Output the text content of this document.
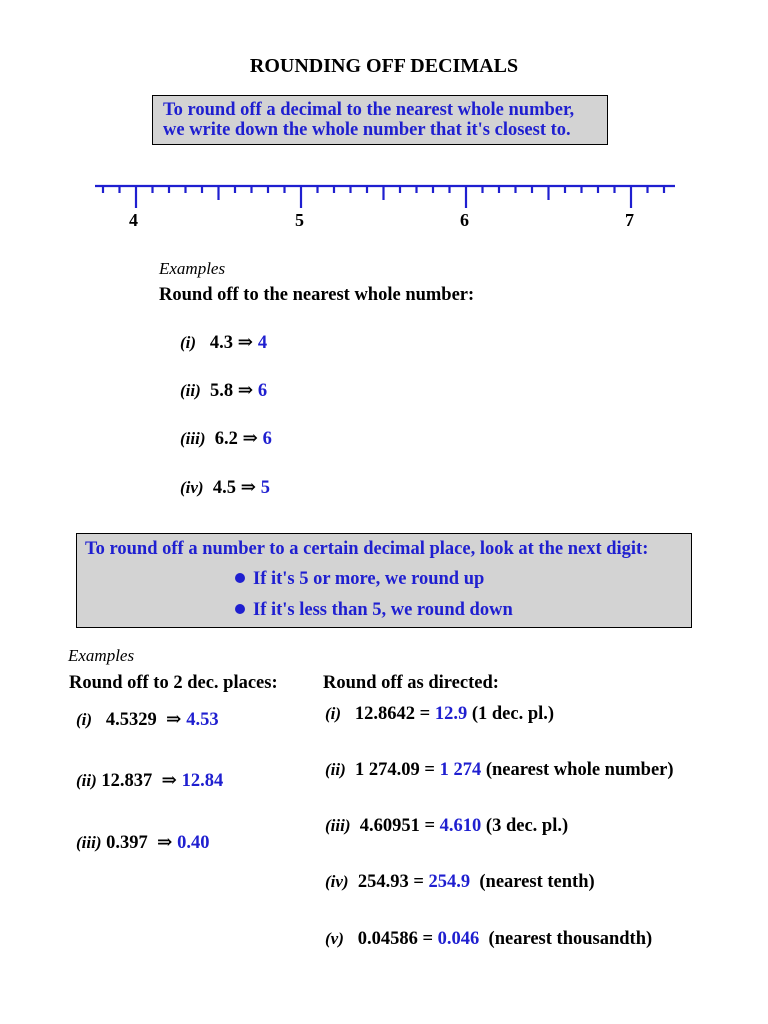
ROUNDING OFF DECIMALS
To round off a decimal to the nearest whole number,
we write down the whole number that it's closest to.
4	5	6	7
Examples
Round off to the nearest whole number:
(i) 4.3 ⇒ 4
(ii) 5.8 ⇒ 6
(iii) 6.2 ⇒ 6
(iv) 4.5 ⇒ 5
To round off a number to a certain decimal place, look at the next digit:
If it's 5 or more, we round up
If it's less than 5, we round down
Examples
Round off to 2 dec. places: Round off as directed:
(i) 4.5329 ⇒ 4.53
(ii) 12.837 ⇒ 12.84
(iii) 0.397 ⇒ 0.40
(i) 12.8642 = 12.9 (1 dec. pl.)
(ii) 1 274.09 = 1 274 (nearest whole number)
(iii) 4.60951 = 4.610 (3 dec. pl.)
(iv) 254.93 = 254.9 (nearest tenth)
(v) 0.04586 = 0.046 (nearest thousandth)
